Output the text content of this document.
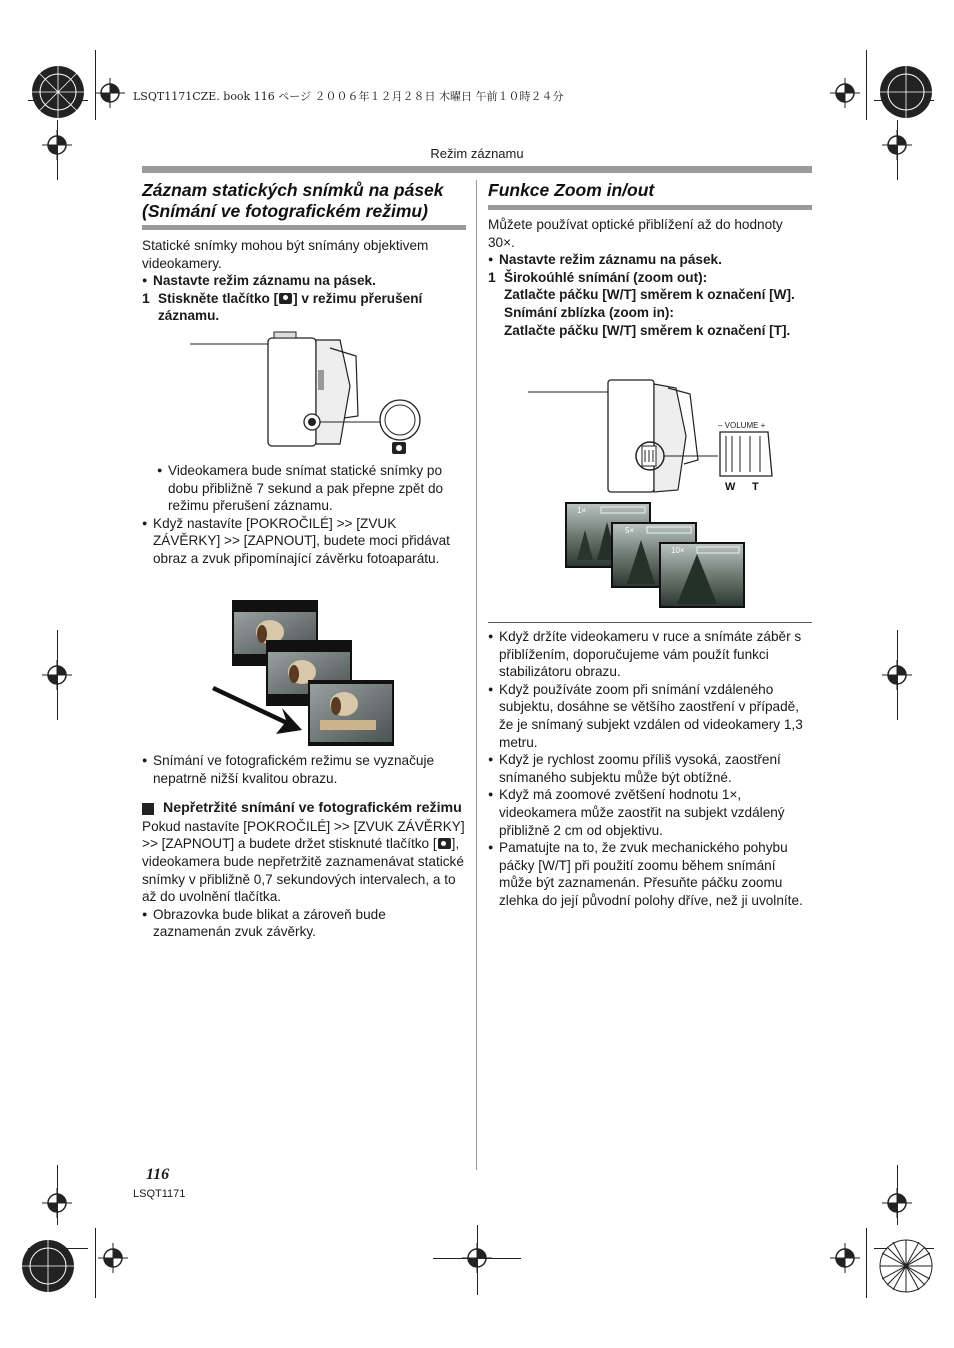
LSQT1171CZE. book 116 ページ ２００６年１２月２８日 木曜日 午前１０時２４分
Režim záznamu
Záznam statických snímků na pásek
(Snímání ve fotografickém režimu)
Statické snímky mohou být snímány objektivem videokamery.
● Nastavte režim záznamu na pásek.
1 Stiskněte tlačítko [ ] v režimu přerušení záznamu.
● Videokamera bude snímat statické snímky po dobu přibližně 7 sekund a pak přepne zpět do režimu přerušení záznamu.
● Když nastavíte [POKROČILÉ] >> [ZVUK ZÁVĚRKY] >> [ZAPNOUT], budete moci přidávat obraz a zvuk připomínající závěrku fotoaparátu.
● Snímání ve fotografickém režimu se vyznačuje nepatrně nižší kvalitou obrazu.
Nepřetržité snímání ve fotografickém režimu
Pokud nastavíte [POKROČILÉ] >> [ZVUK ZÁVĚRKY] >> [ZAPNOUT] a budete držet stisknuté tlačítko [ ], videokamera bude nepřetržitě zaznamenávat statické snímky v přibližně 0,7 sekundových intervalech, a to až do uvolnění tlačítka.
● Obrazovka bude blikat a zároveň bude zaznamenán zvuk závěrky.
Funkce Zoom in/out
Můžete používat optické přiblížení až do hodnoty 30×.
● Nastavte režim záznamu na pásek.
1 Širokoúhlé snímání (zoom out):
Zatlačte páčku [W/T] směrem k označení [W].
Snímání zblízka (zoom in):
Zatlačte páčku [W/T] směrem k označení [T].
– VOLUME +
W T
1×
5×
10×
● Když držíte videokameru v ruce a snímáte záběr s přiblížením, doporučujeme vám použít funkci stabilizátoru obrazu.
● Když používáte zoom při snímání vzdáleného subjektu, dosáhne se většího zaostření v případě, že je snímaný subjekt vzdálen od videokamery 1,3 metru.
● Když je rychlost zoomu příliš vysoká, zaostření snímaného subjektu může být obtížné.
● Když má zoomové zvětšení hodnotu 1×, videokamera může zaostřit na subjekt vzdálený přibližně 2 cm od objektivu.
● Pamatujte na to, že zvuk mechanického pohybu páčky [W/T] při použití zoomu během snímání může být zaznamenán. Přesuňte páčku zoomu zlehka do její původní polohy dříve, než ji uvolníte.
116
LSQT1171
